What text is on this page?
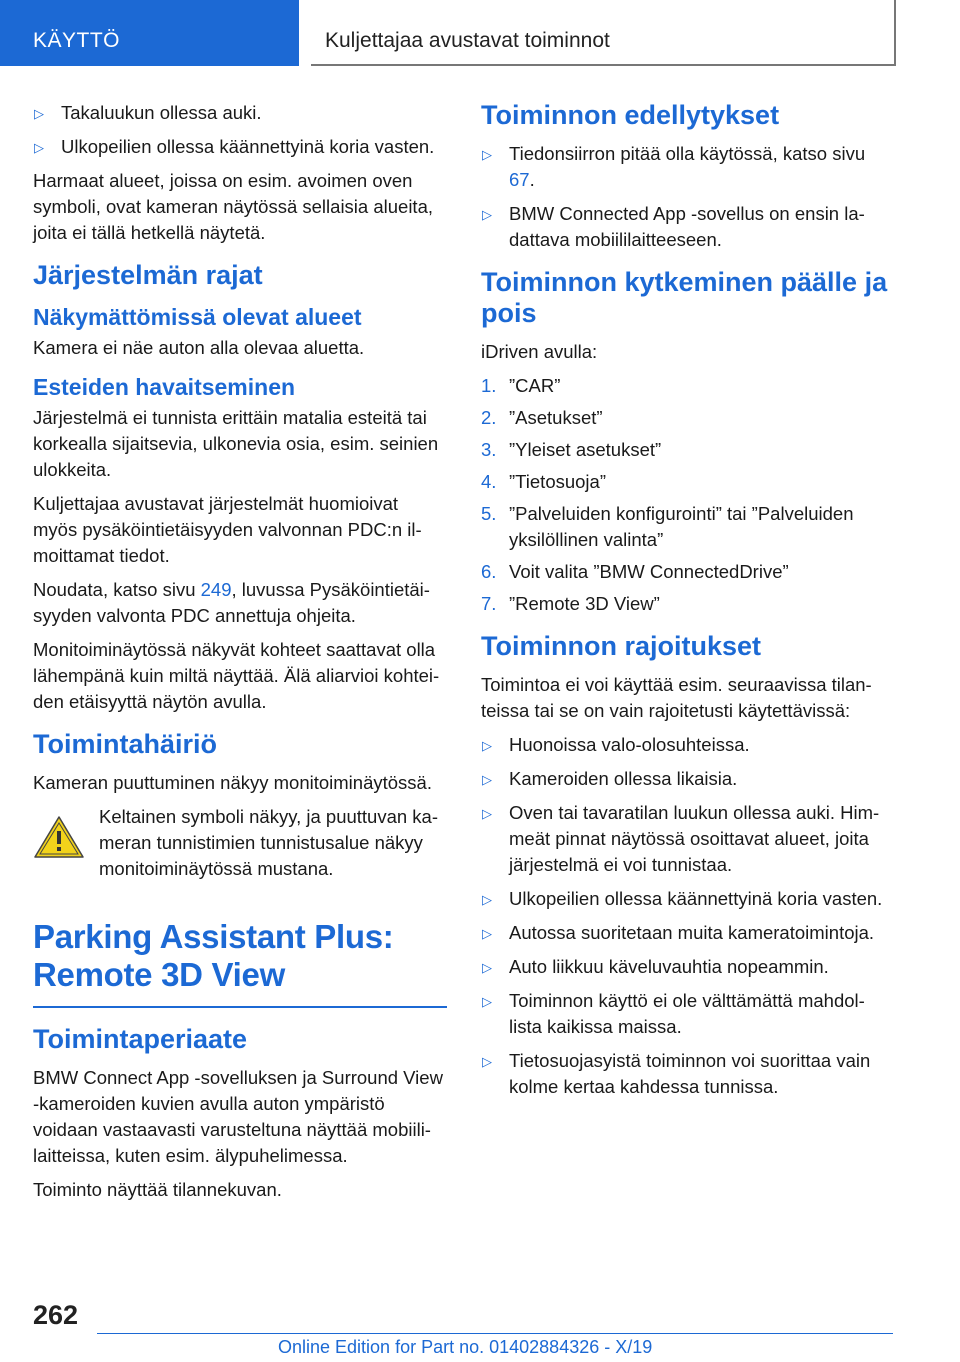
KÄYTTÖ	Kuljettajaa avustavat toiminnot
▷ Takaluukun ollessa auki.
▷ Ulkopeilien ollessa käännettyinä koria vasten.

Harmaat alueet, joissa on esim. avoimen oven symboli, ovat kameran näytössä sellaisia alueita, joita ei tällä hetkellä näytetä.

Järjestelmän rajat
Näkymättömissä olevat alueet

Kamera ei näe auton alla olevaa aluetta.

Esteiden havaitseminen

Järjestelmä ei tunnista erittäin matalia esteitä tai korkealla sijaitsevia, ulkonevia osia, esim. seinien ulokkeita.

Kuljettajaa avustavat järjestelmät huomioivat myös pysäköintietäisyyden valvonnan PDC:n il‐moittamat tiedot.

Noudata, katso sivu 249, luvussa Pysäköintietäi‐syyden valvonta PDC annettuja ohjeita.

Monitoiminäytössä näkyvät kohteet saattavat olla lähempänä kuin miltä näyttää. Älä aliarvioi kohtei‐den etäisyyttä näytön avulla.

Toimintahäiriö

Kameran puuttuminen näkyy monitoiminäytössä.

Keltainen symboli näkyy, ja puuttuvan ka‐meran tunnistimien tunnistusalue näkyy monitoiminäytössä mustana.

Parking Assistant Plus:
Remote 3D View
Toimintaperiaate

BMW Connect App -sovelluksen ja Surround View -kameroiden kuvien avulla auton ympäristö voidaan vastaavasti varusteltuna näyttää mobiili‐laitteissa, kuten esim. älypuhelimessa.

Toiminto näyttää tilannekuvan.

Toiminnon edellytykset
▷ Tiedonsiirron pitää olla käytössä, katso sivu 67.
▷ BMW Connected App -sovellus on ensin la‐dattava mobiililaitteeseen.
Toiminnon kytkeminen päälle ja pois

iDriven avulla:

1. ”CAR”
2. ”Asetukset”
3. ”Yleiset asetukset”
4. ”Tietosuoja”
5. ”Palveluiden konfigurointi” tai ”Palveluiden yksilöllinen valinta”
6. Voit valita ”BMW ConnectedDrive”
7. ”Remote 3D View”
Toiminnon rajoitukset

Toimintoa ei voi käyttää esim. seuraavissa tilan‐teissa tai se on vain rajoitetusti käytettävissä:

▷ Huonoissa valo-olosuhteissa.
▷ Kameroiden ollessa likaisia.
▷ Oven tai tavaratilan luukun ollessa auki. Him‐meät pinnat näytössä osoittavat alueet, joita järjestelmä ei voi tunnistaa.
▷ Ulkopeilien ollessa käännettyinä koria vasten.
▷ Autossa suoritetaan muita kameratoimintoja.
▷ Auto liikkuu käveluvauhtia nopeammin.
▷ Toiminnon käyttö ei ole välttämättä mahdol‐lista kaikissa maissa.
▷ Tietosuojasyistä toiminnon voi suorittaa vain kolme kertaa kahdessa tunnissa.
262
Online Edition for Part no. 01402884326 - X/19
